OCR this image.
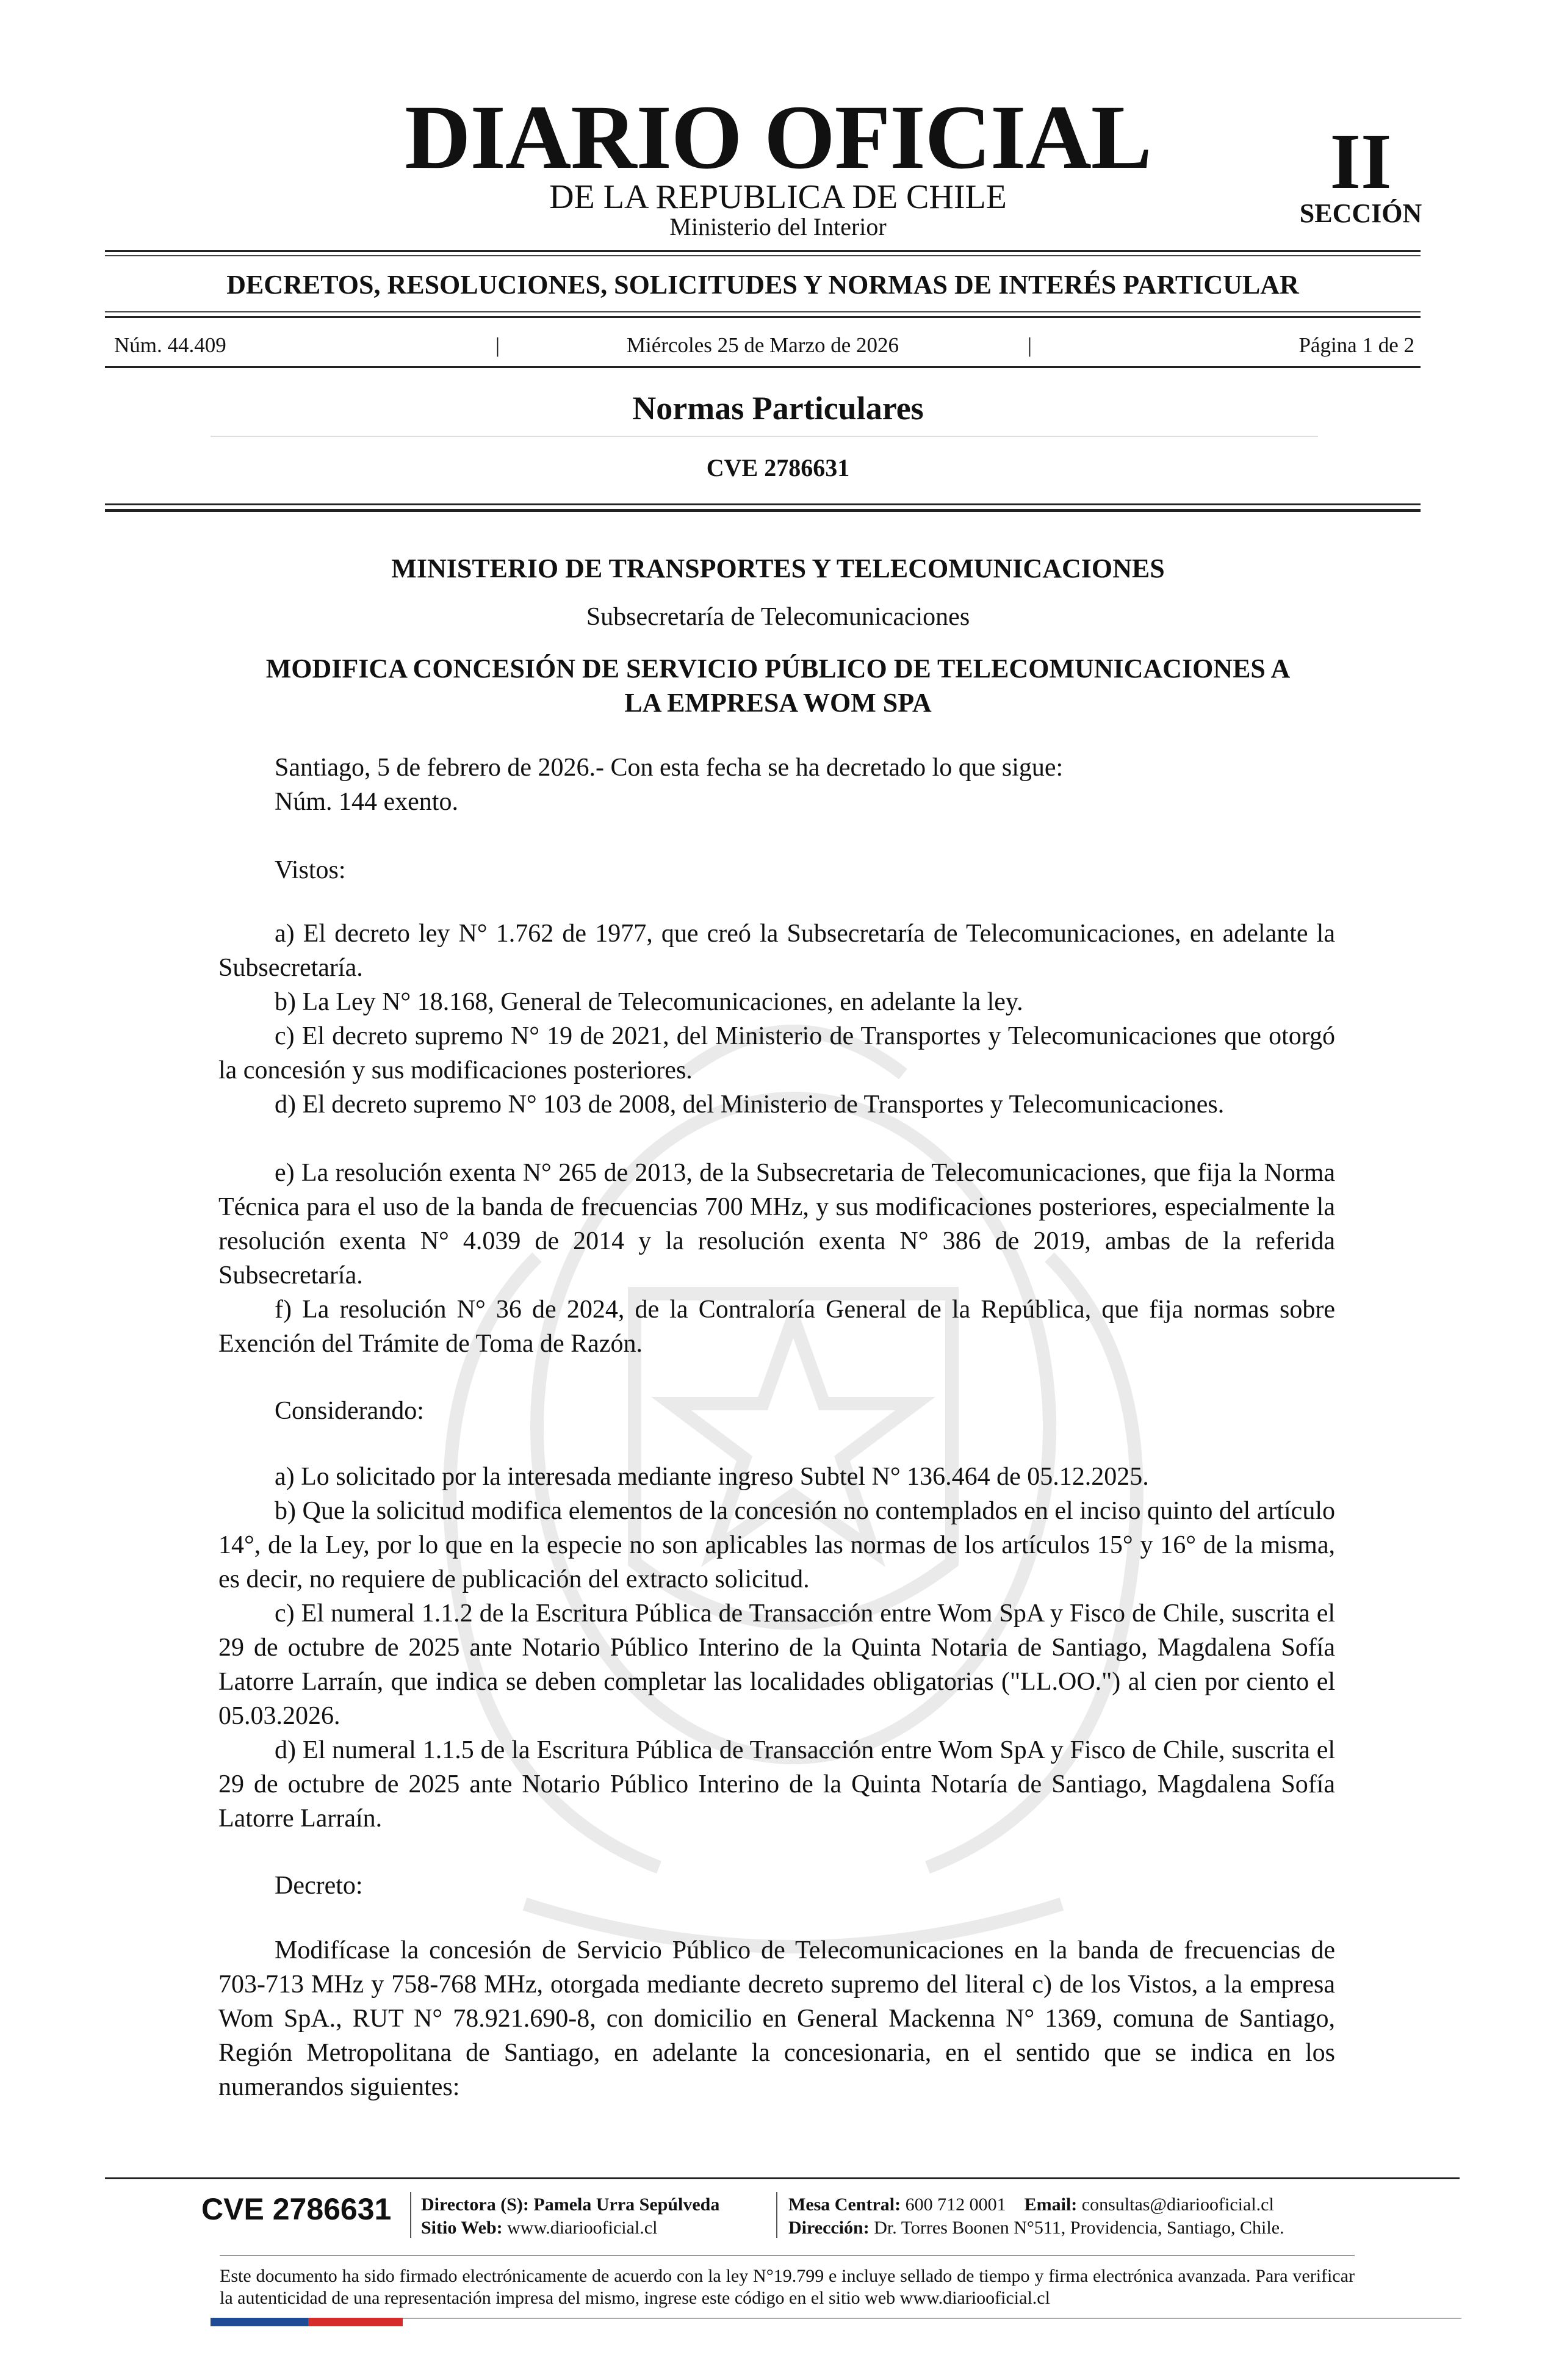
DIARIO OFICIAL
DE LA REPUBLICA DE CHILE
Ministerio del Interior
II
SECCIÓN
DECRETOS, RESOLUCIONES, SOLICITUDES Y NORMAS DE INTERÉS PARTICULAR
Núm. 44.409	|	Miércoles 25 de Marzo de 2026	|	Página 1 de 2
Normas Particulares
CVE 2786631
MINISTERIO DE TRANSPORTES Y TELECOMUNICACIONES
Subsecretaría de Telecomunicaciones
MODIFICA CONCESIÓN DE SERVICIO PÚBLICO DE TELECOMUNICACIONES A
LA EMPRESA WOM SPA
Santiago, 5 de febrero de 2026.- Con esta fecha se ha decretado lo que sigue:
Núm. 144 exento.
Vistos:
a) El decreto ley N° 1.762 de 1977, que creó la Subsecretaría de Telecomunicaciones, en adelante la Subsecretaría.
b) La Ley N° 18.168, General de Telecomunicaciones, en adelante la ley.
c) El decreto supremo N° 19 de 2021, del Ministerio de Transportes y Telecomunicaciones que otorgó la concesión y sus modificaciones posteriores.
d) El decreto supremo N° 103 de 2008, del Ministerio de Transportes y Telecomunicaciones.
e) La resolución exenta N° 265 de 2013, de la Subsecretaria de Telecomunicaciones, que fija la Norma Técnica para el uso de la banda de frecuencias 700 MHz, y sus modificaciones posteriores, especialmente la resolución exenta N° 4.039 de 2014 y la resolución exenta N° 386 de 2019, ambas de la referida Subsecretaría.
f) La resolución N° 36 de 2024, de la Contraloría General de la República, que fija normas sobre Exención del Trámite de Toma de Razón.
Considerando:
a) Lo solicitado por la interesada mediante ingreso Subtel N° 136.464 de 05.12.2025.
b) Que la solicitud modifica elementos de la concesión no contemplados en el inciso quinto del artículo 14°, de la Ley, por lo que en la especie no son aplicables las normas de los artículos 15° y 16° de la misma, es decir, no requiere de publicación del extracto solicitud.
c) El numeral 1.1.2 de la Escritura Pública de Transacción entre Wom SpA y Fisco de Chile, suscrita el 29 de octubre de 2025 ante Notario Público Interino de la Quinta Notaria de Santiago, Magdalena Sofía Latorre Larraín, que indica se deben completar las localidades obligatorias ("LL.OO.") al cien por ciento el 05.03.2026.
d) El numeral 1.1.5 de la Escritura Pública de Transacción entre Wom SpA y Fisco de Chile, suscrita el 29 de octubre de 2025 ante Notario Público Interino de la Quinta Notaría de Santiago, Magdalena Sofía Latorre Larraín.
Decreto:
Modifícase la concesión de Servicio Público de Telecomunicaciones en la banda de frecuencias de 703-713 MHz y 758-768 MHz, otorgada mediante decreto supremo del literal c) de los Vistos, a la empresa Wom SpA., RUT N° 78.921.690-8, con domicilio en General Mackenna N° 1369, comuna de Santiago, Región Metropolitana de Santiago, en adelante la concesionaria, en el sentido que se indica en los numerandos siguientes:
CVE 2786631 Directora (S): Pamela Urra Sepúlveda
Sitio Web: www.diariooficial.cl
Mesa Central: 600 712 0001 Email: consultas@diariooficial.cl
Dirección: Dr. Torres Boonen N°511, Providencia, Santiago, Chile.
Este documento ha sido firmado electrónicamente de acuerdo con la ley N°19.799 e incluye sellado de tiempo y firma electrónica avanzada. Para verificar la autenticidad de una representación impresa del mismo, ingrese este código en el sitio web www.diariooficial.cl
